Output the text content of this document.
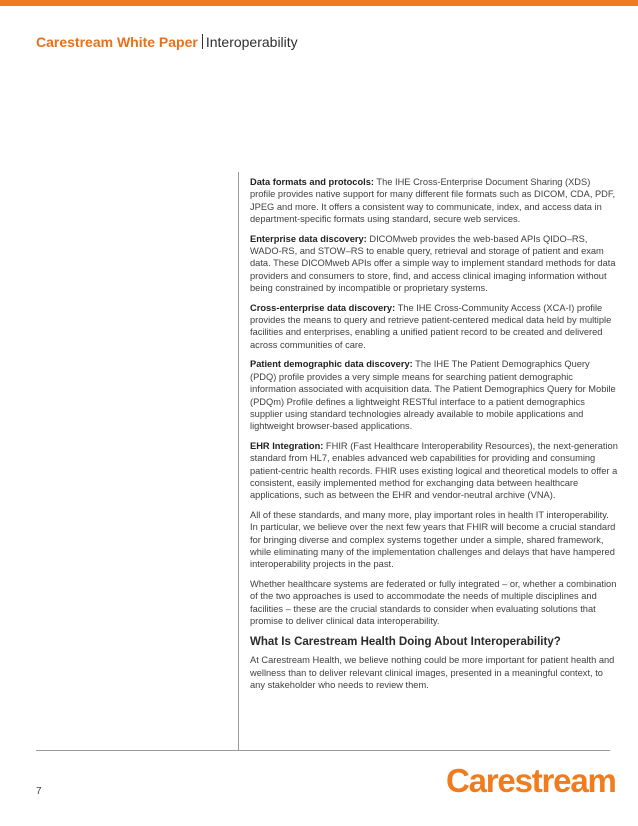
Carestream White Paper Interoperability

Data formats and protocols: The IHE Cross-Enterprise Document Sharing (XDS) profile provides native support for many different file formats such as DICOM, CDA, PDF, JPEG and more. It offers a consistent way to communicate, index, and access data in department-specific formats using standard, secure web services.

Enterprise data discovery: DICOMweb provides the web-based APIs QIDO–RS, WADO-RS, and STOW–RS to enable query, retrieval and storage of patient and exam data. These DICOMweb APIs offer a simple way to implement standard methods for data providers and consumers to store, find, and access clinical imaging information without being constrained by incompatible or proprietary systems.

Cross-enterprise data discovery: The IHE Cross-Community Access (XCA-I) profile provides the means to query and retrieve patient-centered medical data held by multiple facilities and enterprises, enabling a unified patient record to be created and delivered across communities of care.

Patient demographic data discovery: The IHE The Patient Demographics Query (PDQ) profile provides a very simple means for searching patient demographic information associated with acquisition data. The Patient Demographics Query for Mobile (PDQm) Profile defines a lightweight RESTful interface to a patient demographics supplier using standard technologies already available to mobile applications and lightweight browser-based applications.

EHR Integration: FHIR (Fast Healthcare Interoperability Resources), the next-generation standard from HL7, enables advanced web capabilities for providing and consuming patient-centric health records. FHIR uses existing logical and theoretical models to offer a consistent, easily implemented method for exchanging data between healthcare applications, such as between the EHR and vendor-neutral archive (VNA).

All of these standards, and many more, play important roles in health IT interoperability. In particular, we believe over the next few years that FHIR will become a crucial standard for bringing diverse and complex systems together under a simple, shared framework, while eliminating many of the implementation challenges and delays that have hampered interoperability projects in the past.

Whether healthcare systems are federated or fully integrated – or, whether a combination of the two approaches is used to accommodate the needs of multiple disciplines and facilities – these are the crucial standards to consider when evaluating solutions that promise to deliver clinical data interoperability.

What Is Carestream Health Doing About Interoperability?

At Carestream Health, we believe nothing could be more important for patient health and wellness than to deliver relevant clinical images, presented in a meaningful context, to any stakeholder who needs to review them.

7	Carestream
